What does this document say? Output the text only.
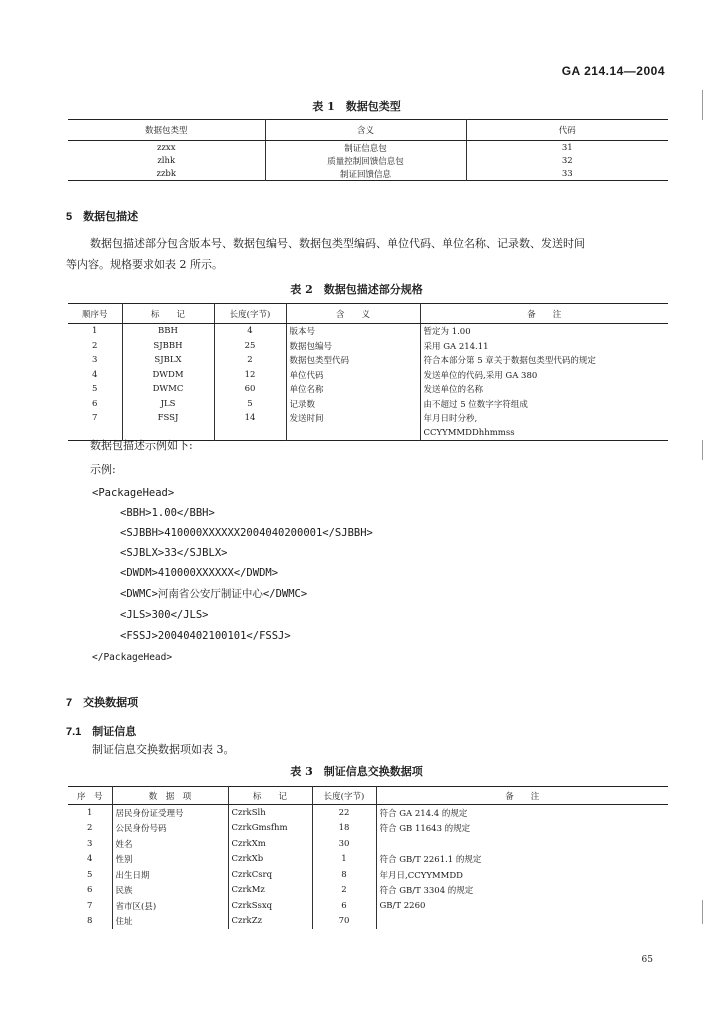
GA 214.14—2004
表 1　数据包类型
数据包类型	含义	代码
zzxx	制证信息包	31
zlhk	质量控制回馈信息包	32
zzbk	制证回馈信息	33
5　数据包描述
数据包描述部分包含版本号、数据包编号、数据包类型编码、单位代码、单位名称、记录数、发送时间
等内容。规格要求如表 2 所示。
表 2　数据包描述部分规格
顺序号	标　　记	长度(字节)	含　　义	备　　注
1	BBH	4	版本号	暂定为 1.00
2	SJBBH	25	数据包编号	采用 GA 214.11
3	SJBLX	2	数据包类型代码	符合本部分第 5 章关于数据包类型代码的规定
4	DWDM	12	单位代码	发送单位的代码,采用 GA 380
5	DWMC	60	单位名称	发送单位的名称
6	JLS	5	记录数	由不超过 5 位数字字符组成
7	FSSJ	14	发送时间	年月日时分秒,
				CCYYMMDDhhmmss
数据包描述示例如下:
示例:
<PackageHead>
<BBH>1.00</BBH>
<SJBBH>410000XXXXXX2004040200001</SJBBH>
<SJBLX>33</SJBLX>
<DWDM>410000XXXXXX</DWDM>
<DWMC>河南省公安厅制证中心</DWMC>
<JLS>300</JLS>
<FSSJ>20040402100101</FSSJ>
</PackageHead>
7　交换数据项
7.1　制证信息
制证信息交换数据项如表 3。
表 3　制证信息交换数据项
序　号	数　据　项	标　　记	长度(字节)	备　　注
1	居民身份证受理号	CzrkSlh	22	符合 GA 214.4 的规定
2	公民身份号码	CzrkGmsfhm	18	符合 GB 11643 的规定
3	姓名	CzrkXm	30	
4	性别	CzrkXb	1	符合 GB/T 2261.1 的规定
5	出生日期	CzrkCsrq	8	年月日,CCYYMMDD
6	民族	CzrkMz	2	符合 GB/T 3304 的规定
7	省市区(县)	CzrkSsxq	6	GB/T 2260
8	住址	CzrkZz	70	
65
